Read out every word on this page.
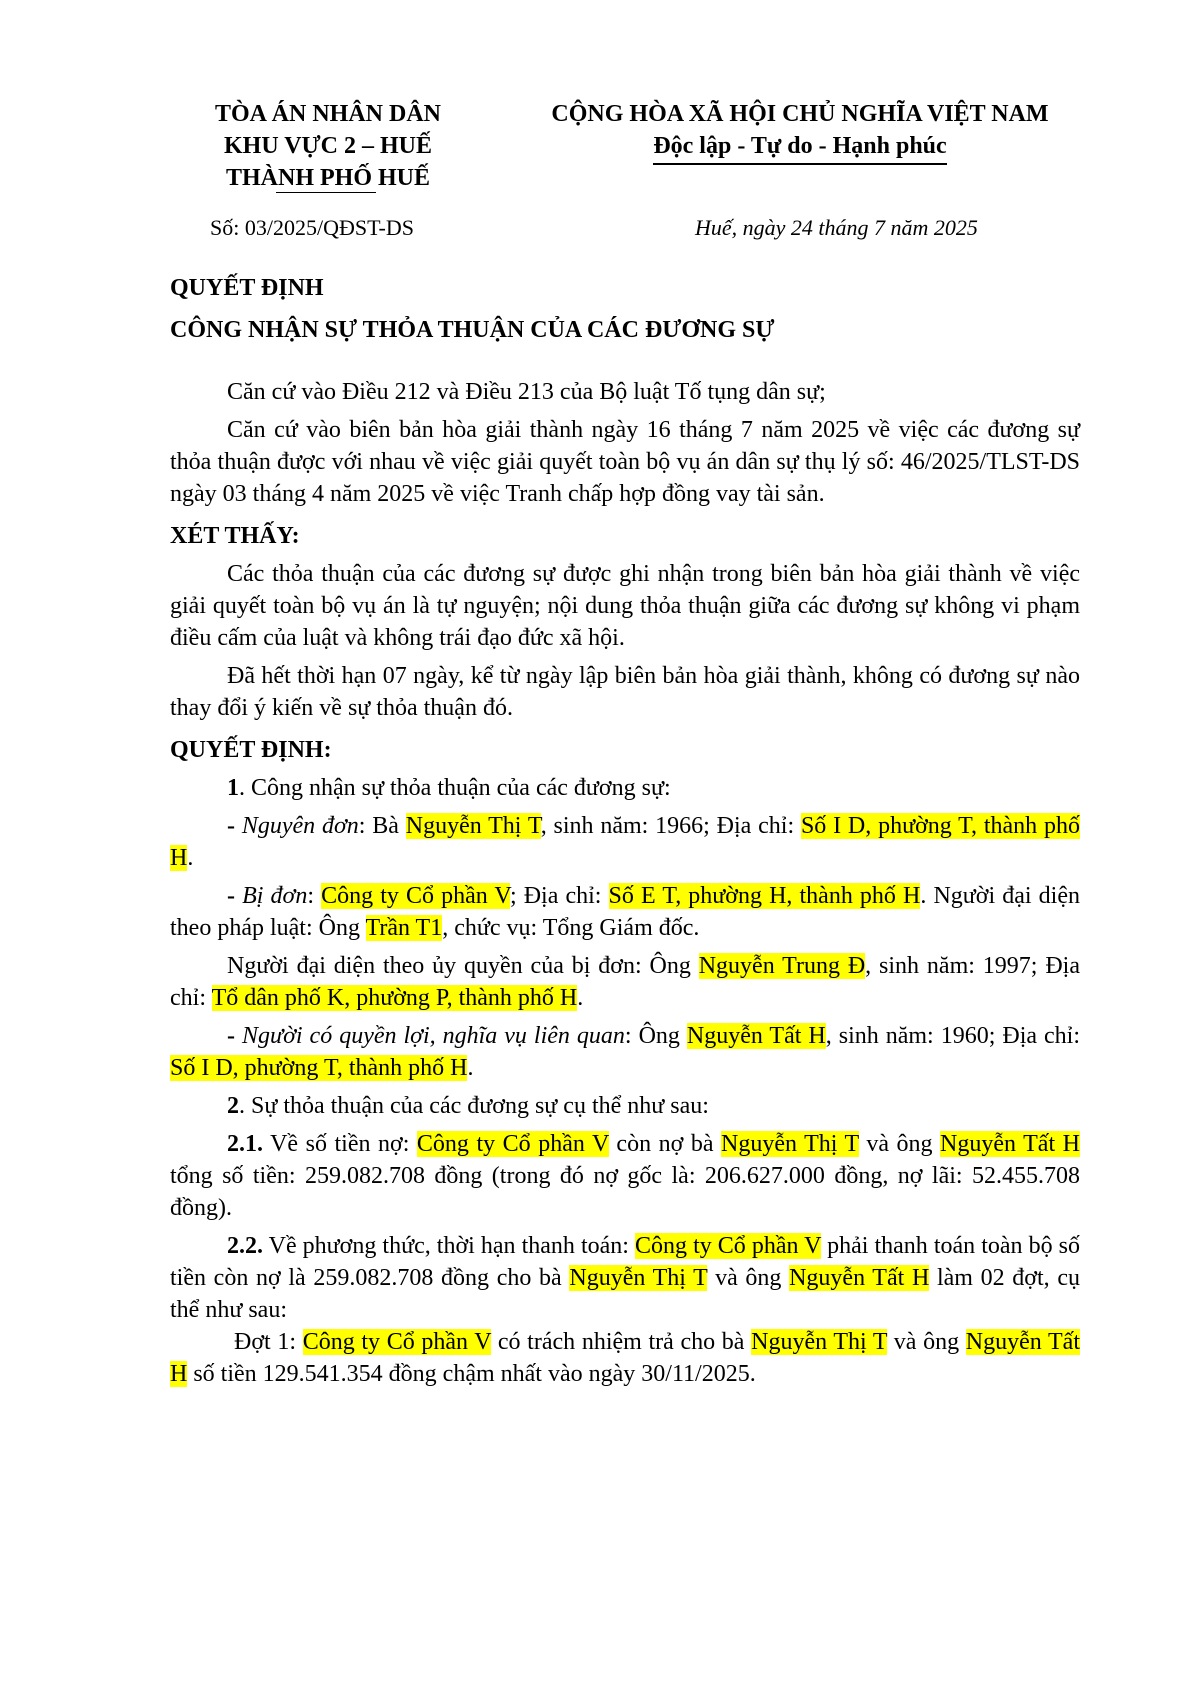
TÒA ÁN NHÂN DÂN
KHU VỰC 2 – HUẾ
THÀNH PHỐ HUẾ
CỘNG HÒA XÃ HỘI CHỦ NGHĨA VIỆT NAM
Độc lập - Tự do - Hạnh phúc
Số: 03/2025/QĐST-DS	Huế, ngày 24 tháng 7 năm 2025

QUYẾT ĐỊNH

CÔNG NHẬN SỰ THỎA THUẬN CỦA CÁC ĐƯƠNG SỰ

Căn cứ vào Điều 212 và Điều 213 của Bộ luật Tố tụng dân sự;

Căn cứ vào biên bản hòa giải thành ngày 16 tháng 7 năm 2025 về việc các đương sự thỏa thuận được với nhau về việc giải quyết toàn bộ vụ án dân sự thụ lý số: 46/2025/TLST-DS ngày 03 tháng 4 năm 2025 về việc Tranh chấp hợp đồng vay tài sản.

XÉT THẤY:

Các thỏa thuận của các đương sự được ghi nhận trong biên bản hòa giải thành về việc giải quyết toàn bộ vụ án là tự nguyện; nội dung thỏa thuận giữa các đương sự không vi phạm điều cấm của luật và không trái đạo đức xã hội.

Đã hết thời hạn 07 ngày, kể từ ngày lập biên bản hòa giải thành, không có đương sự nào thay đổi ý kiến về sự thỏa thuận đó.

QUYẾT ĐỊNH:

1. Công nhận sự thỏa thuận của các đương sự:

- Nguyên đơn: Bà Nguyễn Thị T, sinh năm: 1966; Địa chỉ: Số I D, phường T, thành phố H.

- Bị đơn: Công ty Cổ phần V; Địa chỉ: Số E T, phường H, thành phố H. Người đại diện theo pháp luật: Ông Trần T1, chức vụ: Tổng Giám đốc.

Người đại diện theo ủy quyền của bị đơn: Ông Nguyễn Trung Đ, sinh năm: 1997; Địa chỉ: Tổ dân phố K, phường P, thành phố H.

- Người có quyền lợi, nghĩa vụ liên quan: Ông Nguyễn Tất H, sinh năm: 1960; Địa chỉ: Số I D, phường T, thành phố H.

2. Sự thỏa thuận của các đương sự cụ thể như sau:

2.1. Về số tiền nợ: Công ty Cổ phần V còn nợ bà Nguyễn Thị T và ông Nguyễn Tất H tổng số tiền: 259.082.708 đồng (trong đó nợ gốc là: 206.627.000 đồng, nợ lãi: 52.455.708 đồng).

2.2. Về phương thức, thời hạn thanh toán: Công ty Cổ phần V phải thanh toán toàn bộ số tiền còn nợ là 259.082.708 đồng cho bà Nguyễn Thị T và ông Nguyễn Tất H làm 02 đợt, cụ thể như sau:

Đợt 1: Công ty Cổ phần V có trách nhiệm trả cho bà Nguyễn Thị T và ông Nguyễn Tất H số tiền 129.541.354 đồng chậm nhất vào ngày 30/11/2025.
